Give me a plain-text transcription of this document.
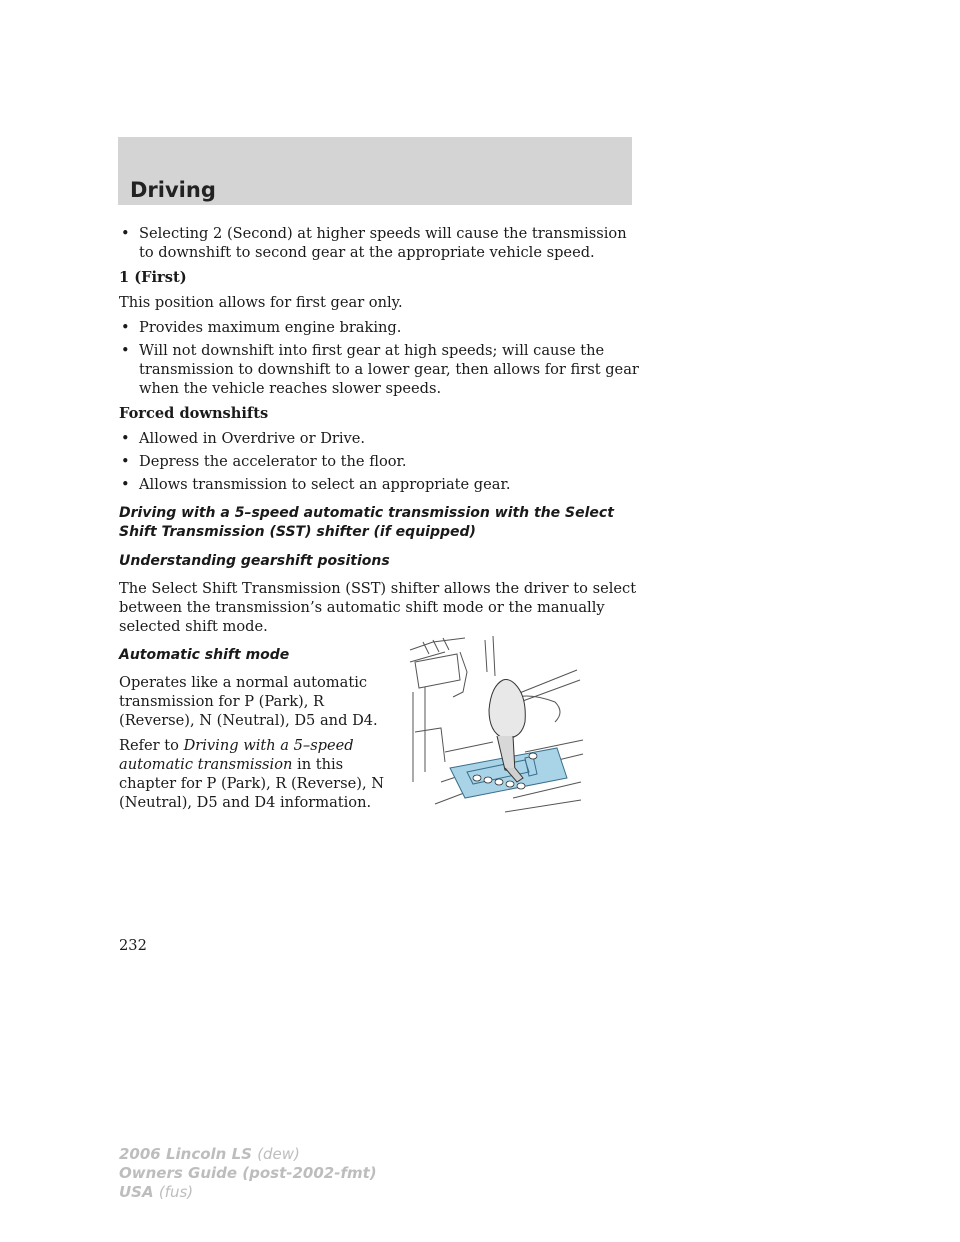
Driving
• Selecting 2 (Second) at higher speeds will cause the transmission to downshift to second gear at the appropriate vehicle speed.
1 (First)
This position allows for first gear only.
• Provides maximum engine braking.
• Will not downshift into first gear at high speeds; will cause the transmission to downshift to a lower gear, then allows for first gear when the vehicle reaches slower speeds.
Forced downshifts
• Allowed in Overdrive or Drive.
• Depress the accelerator to the floor.
• Allows transmission to select an appropriate gear.
Driving with a 5–speed automatic transmission with the Select Shift Transmission (SST) shifter (if equipped)
Understanding gearshift positions
The Select Shift Transmission (SST) shifter allows the driver to select between the transmission’s automatic shift mode or the manually selected shift mode.
Automatic shift mode
Operates like a normal automatic transmission for P (Park), R (Reverse), N (Neutral), D5 and D4.
Refer to Driving with a 5–speed automatic transmission in this chapter for P (Park), R (Reverse), N (Neutral), D5 and D4 information.
232
2006 Lincoln LS (dew)
Owners Guide (post-2002-fmt)
USA (fus)
